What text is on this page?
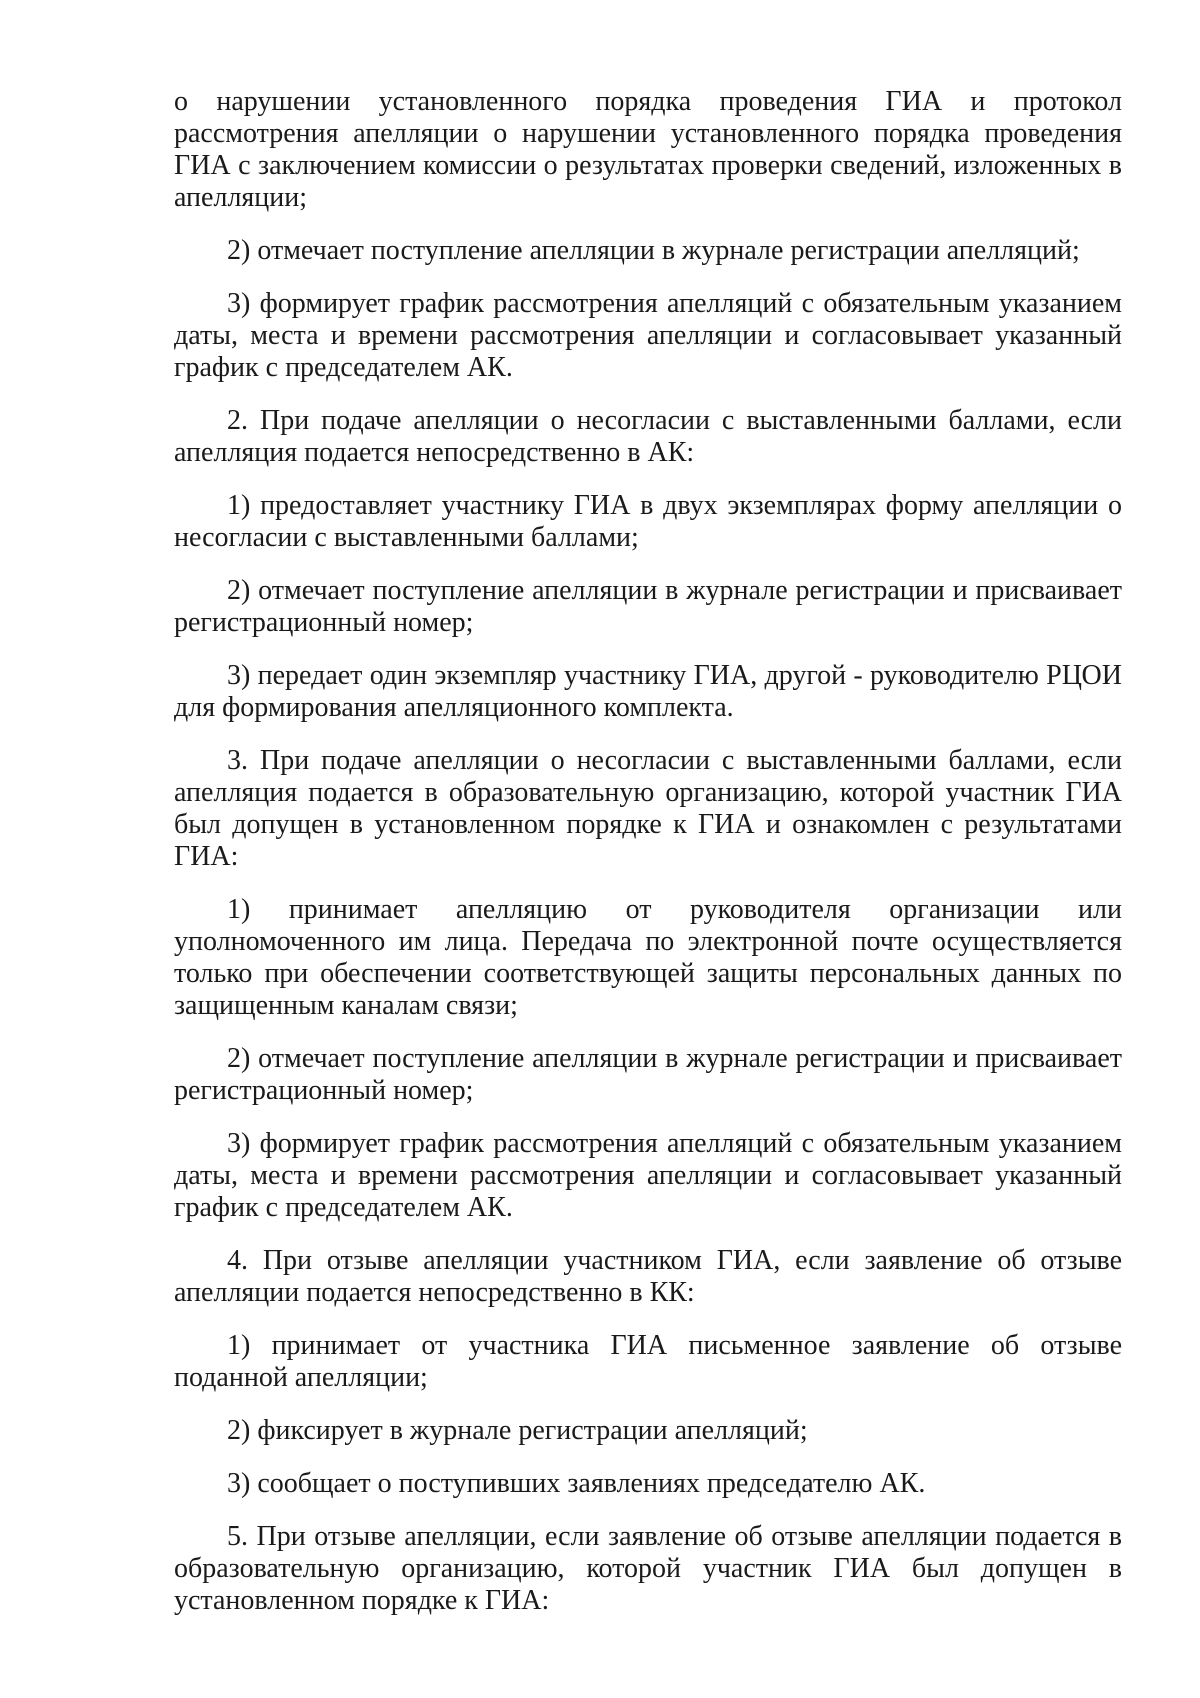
о нарушении установленного порядка проведения ГИА и протокол рассмотрения апелляции о нарушении установленного порядка проведения ГИА с заключением комиссии о результатах проверки сведений, изложенных в апелляции;

2) отмечает поступление апелляции в журнале регистрации апелляций;

3) формирует график рассмотрения апелляций с обязательным указанием даты, места и времени рассмотрения апелляции и согласовывает указанный график с председателем АК.

2. При подаче апелляции о несогласии с выставленными баллами, если апелляция подается непосредственно в АК:

1) предоставляет участнику ГИА в двух экземплярах форму апелляции о несогласии с выставленными баллами;

2) отмечает поступление апелляции в журнале регистрации и присваивает регистрационный номер;

3) передает один экземпляр участнику ГИА, другой - руководителю РЦОИ для формирования апелляционного комплекта.

3. При подаче апелляции о несогласии с выставленными баллами, если апелляция подается в образовательную организацию, которой участник ГИА был допущен в установленном порядке к ГИА и ознакомлен с результатами ГИА:

1) принимает апелляцию от руководителя организации или уполномоченного им лица. Передача по электронной почте осуществляется только при обеспечении соответствующей защиты персональных данных по защищенным каналам связи;

2) отмечает поступление апелляции в журнале регистрации и присваивает регистрационный номер;

3) формирует график рассмотрения апелляций с обязательным указанием даты, места и времени рассмотрения апелляции и согласовывает указанный график с председателем АК.

4. При отзыве апелляции участником ГИА, если заявление об отзыве апелляции подается непосредственно в КК:

1) принимает от участника ГИА письменное заявление об отзыве поданной апелляции;

2) фиксирует в журнале регистрации апелляций;

3) сообщает о поступивших заявлениях председателю АК.

5. При отзыве апелляции, если заявление об отзыве апелляции подается в образовательную организацию, которой участник ГИА был допущен в установленном порядке к ГИА:
